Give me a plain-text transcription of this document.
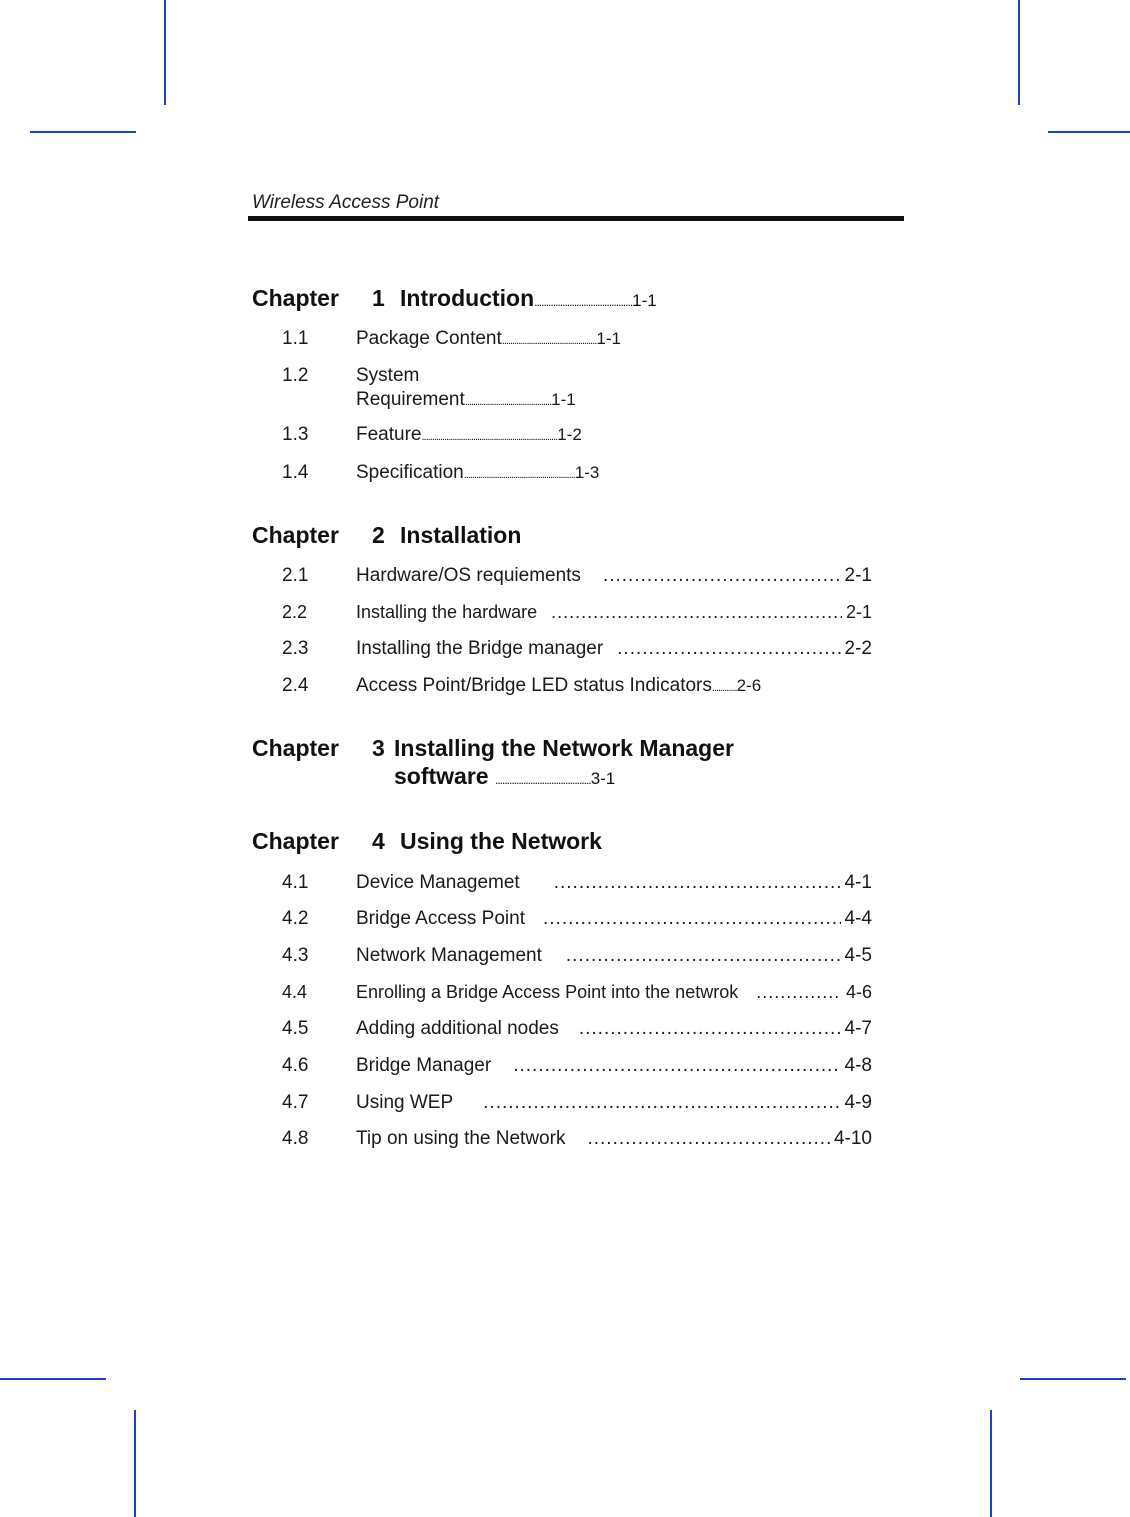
Wireless Access Point
Chapter 1 Introduction..........................................1-1
1.1	Package Content..............................................1-1
1.2	System
Requirement..........................................1-1
1.3	Feature..................................................................1-2
1.4	Specification......................................................1-3
Chapter 2 Installation
2.1	Hardware/OS requiements .....	2-1
2.2	Installing the hardware .....	2-1
2.3	Installing the Bridge manager .....	2-2
2.4	Access Point/Bridge LED status Indicators............2-6
Chapter 3 Installing the Network Manager
software .........................................3-1
Chapter 4 Using the Network
4.1	Device Managemet .....	4-1
4.2	Bridge Access Point .....	4-4
4.3	Network Management .....	4-5
4.4	Enrolling a Bridge Access Point into the netwrok .....	4-6
4.5	Adding additional nodes .....	4-7
4.6	Bridge Manager .....	4-8
4.7	Using WEP .....	4-9
4.8	Tip on using the Network .....	4-10
